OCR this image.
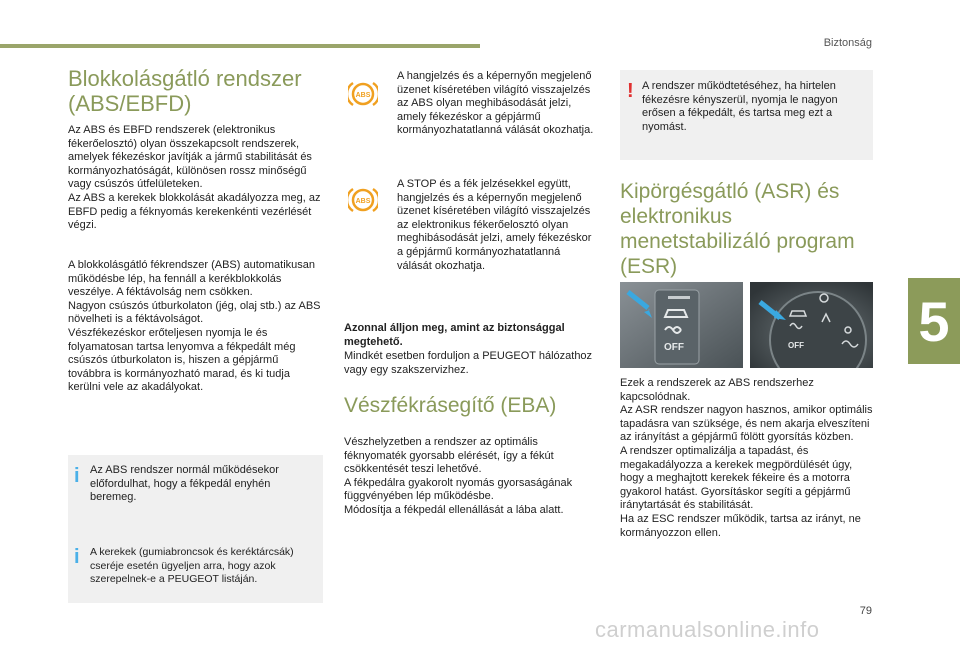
Biztonság
5
79
carmanualsonline.info
Blokkolásgátló rendszer (ABS/EBFD)

Az ABS és EBFD rendszerek (elektronikus fékerőelosztó) olyan összekapcsolt rendszerek, amelyek fékezéskor javítják a jármű stabilitását és kormányozhatóságát, különösen rossz minőségű vagy csúszós útfelületeken.
Az ABS a kerekek blokkolását akadályozza meg, az EBFD pedig a féknyomás kerekenkénti vezérlését végzi.

A blokkolásgátló fékrendszer (ABS) automatikusan működésbe lép, ha fennáll a kerékblokkolás veszélye. A féktávolság nem csökken.
Nagyon csúszós útburkolaton (jég, olaj stb.) az ABS növelheti is a féktávolságot.
Vészfékezéskor erőteljesen nyomja le és folyamatosan tartsa lenyomva a fékpedált még csúszós útburkolaton is, hiszen a gépjármű továbbra is kormányozható marad, és ki tudja kerülni vele az akadályokat.

i Az ABS rendszer normál működésekor előfordulhat, hogy a fékpedál enyhén beremeg.

i A kerekek (gumiabroncsok és keréktárcsák) cseréje esetén ügyeljen arra, hogy azok szerepelnek-e a PEUGEOT listáján.

ABS

A hangjelzés és a képernyőn megjelenő üzenet kíséretében világító visszajelzés az ABS olyan meghibásodását jelzi, amely fékezéskor a gépjármű kormányozhatatlanná válását okozhatja.

ABS

A STOP és a fék jelzésekkel együtt, hangjelzés és a képernyőn megjelenő üzenet kíséretében világító visszajelzés az elektronikus fékerőelosztó olyan meghibásodását jelzi, amely fékezéskor a gépjármű kormányozhatatlanná válását okozhatja.

Azonnal álljon meg, amint az biztonsággal megtehető.

Mindkét esetben forduljon a PEUGEOT hálózathoz vagy egy szakszervizhez.

Vészfékrásegítő (EBA)

Vészhelyzetben a rendszer az optimális féknyomaték gyorsabb elérését, így a fékút csökkentését teszi lehetővé.
A fékpedálra gyakorolt nyomás gyorsaságának függvényében lép működésbe.
Módosítja a fékpedál ellenállását a lába alatt.

! A rendszer működtetéséhez, ha hirtelen fékezésre kényszerül, nyomja le nagyon erősen a fékpedált, és tartsa meg ezt a nyomást.

Kipörgésgátló (ASR) és elektronikus menetstabilizáló program (ESR)
OFF	OFF

Ezek a rendszerek az ABS rendszerhez kapcsolódnak.
Az ASR rendszer nagyon hasznos, amikor optimális tapadásra van szüksége, és nem akarja elveszíteni az irányítást a gépjármű fölött gyorsítás közben.
A rendszer optimalizálja a tapadást, és megakadályozza a kerekek megpördülését úgy, hogy a meghajtott kerekek fékeire és a motorra gyakorol hatást. Gyorsításkor segíti a gépjármű iránytartását és stabilitását.
Ha az ESC rendszer működik, tartsa az irányt, ne kormányozzon ellen.
